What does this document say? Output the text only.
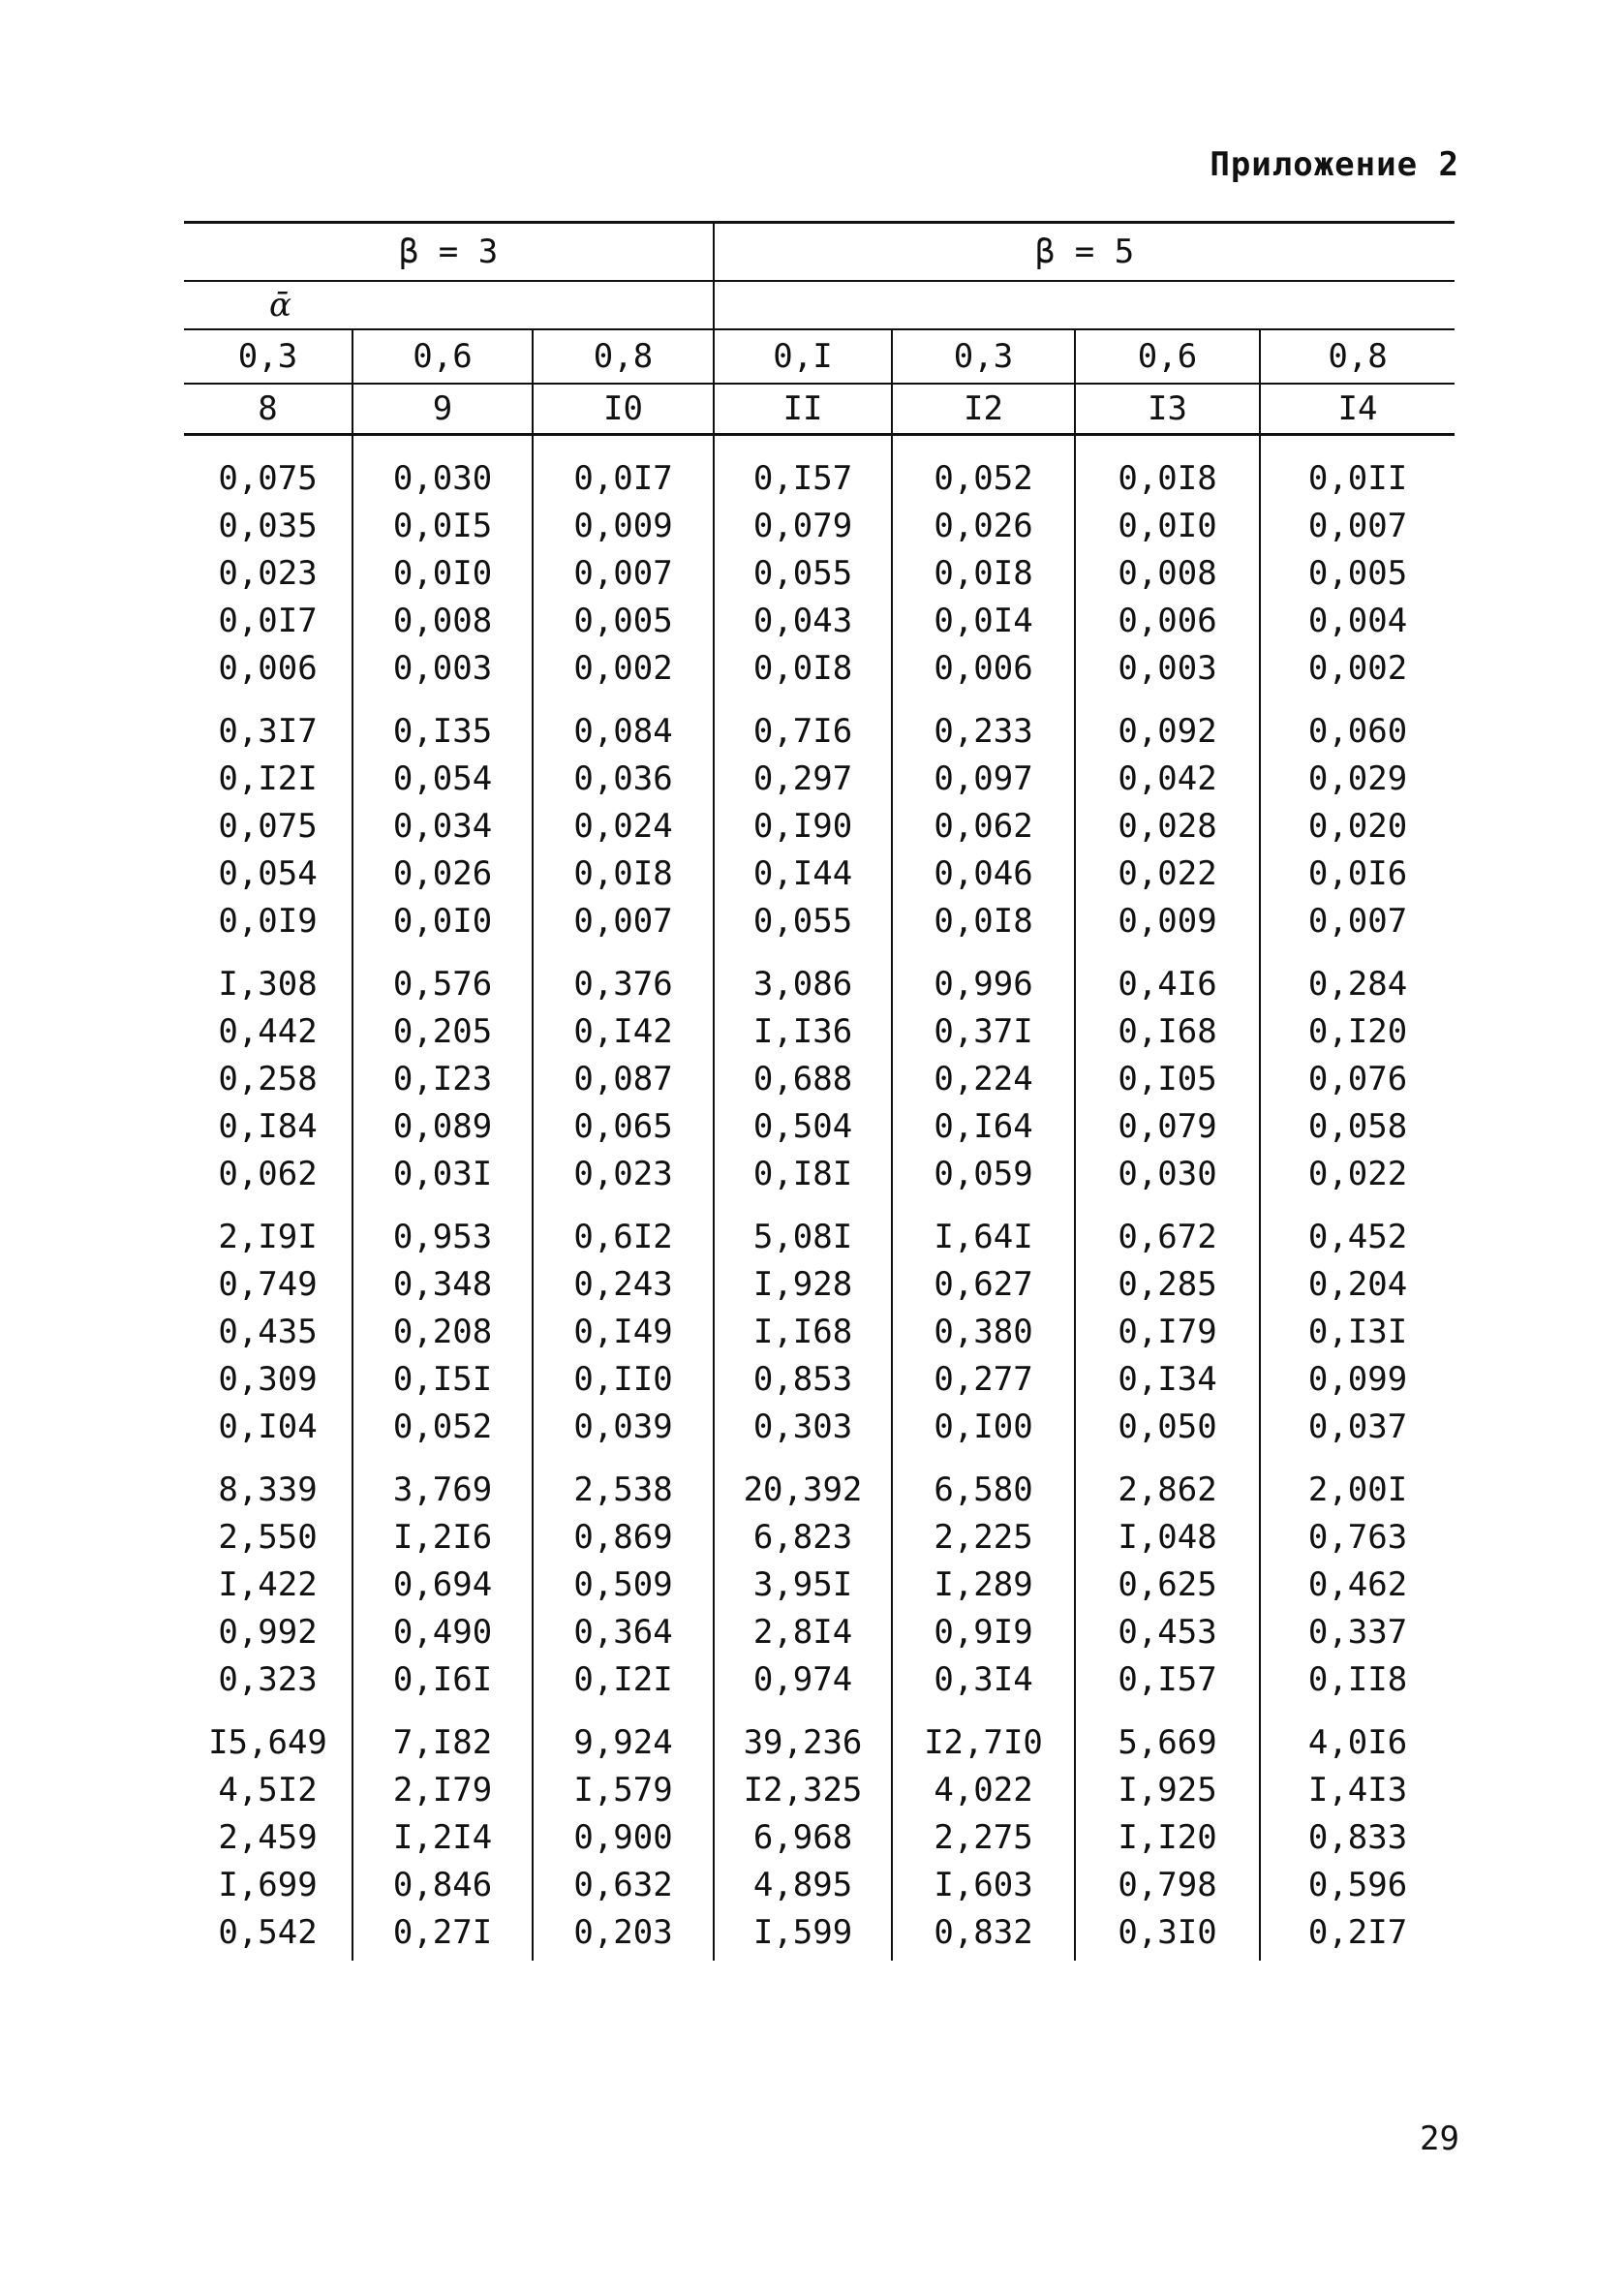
Приложение 2
β = 3			β = 5			
ᾱ						
0,3	0,6	0,8	0,I	0,3	0,6	0,8
8	9	I0	II	I2	I3	I4
0,075	0,030	0,0I7	0,I57	0,052	0,0I8	0,0II
0,035	0,0I5	0,009	0,079	0,026	0,0I0	0,007
0,023	0,0I0	0,007	0,055	0,0I8	0,008	0,005
0,0I7	0,008	0,005	0,043	0,0I4	0,006	0,004
0,006	0,003	0,002	0,0I8	0,006	0,003	0,002
0,3I7	0,I35	0,084	0,7I6	0,233	0,092	0,060
0,I2I	0,054	0,036	0,297	0,097	0,042	0,029
0,075	0,034	0,024	0,I90	0,062	0,028	0,020
0,054	0,026	0,0I8	0,I44	0,046	0,022	0,0I6
0,0I9	0,0I0	0,007	0,055	0,0I8	0,009	0,007
I,308	0,576	0,376	3,086	0,996	0,4I6	0,284
0,442	0,205	0,I42	I,I36	0,37I	0,I68	0,I20
0,258	0,I23	0,087	0,688	0,224	0,I05	0,076
0,I84	0,089	0,065	0,504	0,I64	0,079	0,058
0,062	0,03I	0,023	0,I8I	0,059	0,030	0,022
2,I9I	0,953	0,6I2	5,08I	I,64I	0,672	0,452
0,749	0,348	0,243	I,928	0,627	0,285	0,204
0,435	0,208	0,I49	I,I68	0,380	0,I79	0,I3I
0,309	0,I5I	0,II0	0,853	0,277	0,I34	0,099
0,I04	0,052	0,039	0,303	0,I00	0,050	0,037
8,339	3,769	2,538	20,392	6,580	2,862	2,00I
2,550	I,2I6	0,869	6,823	2,225	I,048	0,763
I,422	0,694	0,509	3,95I	I,289	0,625	0,462
0,992	0,490	0,364	2,8I4	0,9I9	0,453	0,337
0,323	0,I6I	0,I2I	0,974	0,3I4	0,I57	0,II8
I5,649	7,I82	9,924	39,236	I2,7I0	5,669	4,0I6
4,5I2	2,I79	I,579	I2,325	4,022	I,925	I,4I3
2,459	I,2I4	0,900	6,968	2,275	I,I20	0,833
I,699	0,846	0,632	4,895	I,603	0,798	0,596
0,542	0,27I	0,203	I,599	0,832	0,3I0	0,2I7
29
